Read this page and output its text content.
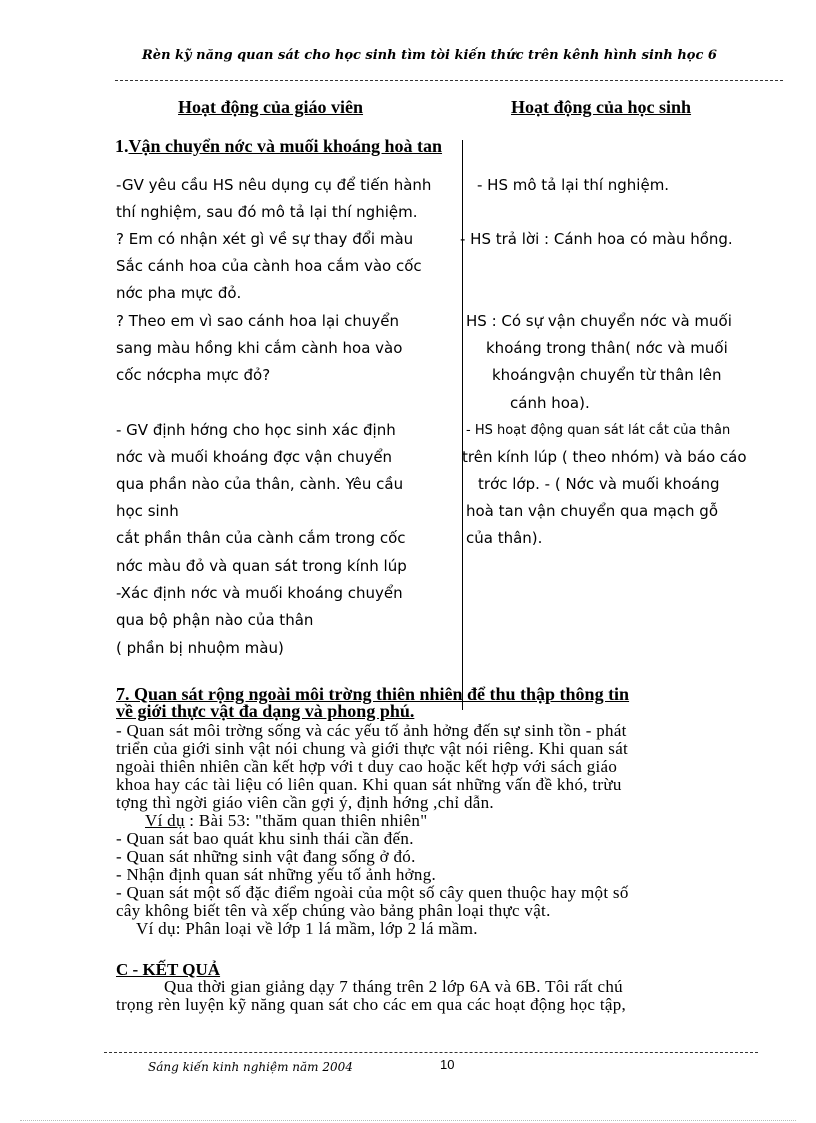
Rèn kỹ năng quan sát cho học sinh tìm tòi kiến thức trên kênh hình sinh học 6
Hoạt động của giáo viên	Hoạt động của học sinh
1.Vận chuyển nớc và muối khoáng hoà tan
-GV yêu cầu HS nêu dụng cụ để tiến hành
thí nghiệm, sau đó mô tả lại thí nghiệm.
? Em có nhận xét gì về sự thay đổi màu
Sắc cánh hoa của cành hoa cắm vào cốc
nớc pha mực đỏ.
? Theo em vì sao cánh hoa lại chuyển
sang màu hồng khi cắm cành hoa vào
cốc nớcpha mực đỏ?
- GV định hớng cho học sinh xác định
nớc và muối khoáng đợc vận chuyển
qua phần nào của thân, cành. Yêu cầu
học sinh
cắt phần thân của cành cắm trong cốc
nớc màu đỏ và quan sát trong kính lúp
-Xác định nớc và muối khoáng chuyển
qua bộ phận nào của thân
( phần bị nhuộm màu)
- HS mô tả lại thí nghiệm.
- HS trả lời : Cánh hoa có màu hồng.
HS : Có sự vận chuyển nớc và muối
khoáng trong thân( nớc và muối
khoángvận chuyển từ thân lên
cánh hoa).
- HS hoạt động quan sát lát cắt của thân
trên kính lúp ( theo nhóm) và báo cáo
trớc lớp. - ( Nớc và muối khoáng
hoà tan vận chuyển qua mạch gỗ
của thân).
7. Quan sát rộng ngoài môi trờng thiên nhiên để thu thập thông tin
về giới thực vật đa dạng và phong phú.
- Quan sát môi trờng sống và các yếu tố ảnh hởng đến sự sinh tồn - phát
triển của giới sinh vật nói chung và giới thực vật nói riêng. Khi quan sát
ngoài thiên nhiên cần kết hợp với t duy cao hoặc kết hợp với sách giáo
khoa hay các tài liệu có liên quan. Khi quan sát những vấn đề khó, trừu
tợng thì ngời giáo viên cần gợi ý, định hớng ,chỉ dẫn.
Ví dụ : Bài 53: "thăm quan thiên nhiên"
- Quan sát bao quát khu sinh thái cần đến.
- Quan sát những sinh vật đang sống ở đó.
- Nhận định quan sát những yếu tố ảnh hởng.
- Quan sát một số đặc điểm ngoài của một số cây quen thuộc hay một số
cây không biết tên và xếp chúng vào bảng phân loại thực vật.
Ví dụ: Phân loại về lớp 1 lá mầm, lớp 2 lá mầm.
C - KẾT QUẢ
Qua thời gian giảng dạy 7 tháng trên 2 lớp 6A và 6B. Tôi rất chú
trọng rèn luyện kỹ năng quan sát cho các em qua các hoạt động học tập,
Sáng kiến kinh nghiệm năm 2004	10
